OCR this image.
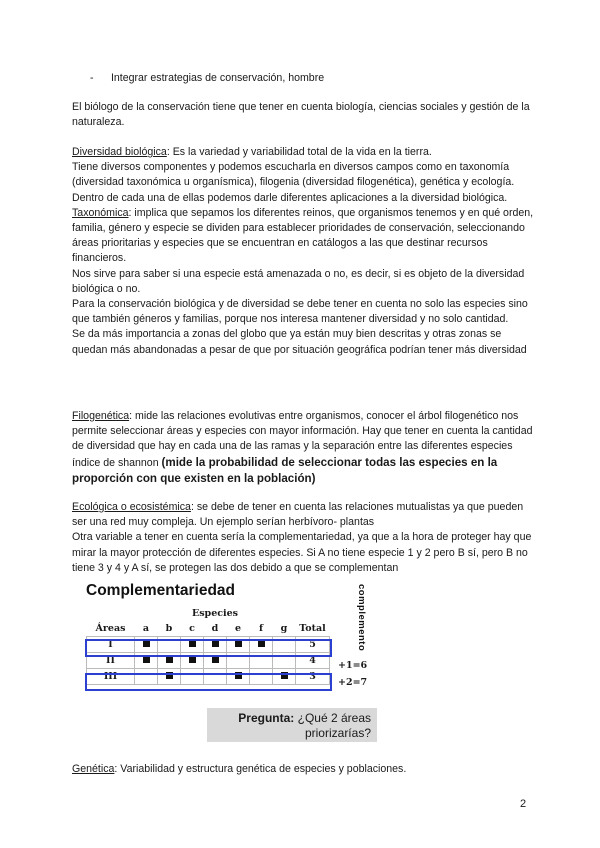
- Integrar estrategias de conservación, hombre
El biólogo de la conservación tiene que tener en cuenta biología, ciencias sociales y gestión de la naturaleza.
Diversidad biológica: Es la variedad y variabilidad total de la vida en la tierra.
Tiene diversos componentes y podemos escucharla en diversos campos como en taxonomía (diversidad taxonómica u organísmica), filogenia (diversidad filogenética), genética y ecología. Dentro de cada una de ellas podemos darle diferentes aplicaciones a la diversidad biológica.
Taxonómica: implica que sepamos los diferentes reinos, que organismos tenemos y en qué orden, familia, género y especie se dividen para establecer prioridades de conservación, seleccionando áreas prioritarias y especies que se encuentran en catálogos a las que destinar recursos financieros.
Nos sirve para saber si una especie está amenazada o no, es decir, si es objeto de la diversidad biológica o no.
Para la conservación biológica y de diversidad se debe tener en cuenta no solo las especies sino que también géneros y familias, porque nos interesa mantener diversidad y no solo cantidad.
Se da más importancia a zonas del globo que ya están muy bien descritas y otras zonas se quedan más abandonadas a pesar de que por situación geográfica podrían tener más diversidad
Filogenética: mide las relaciones evolutivas entre organismos, conocer el árbol filogenético nos permite seleccionar áreas y especies con mayor información. Hay que tener en cuenta la cantidad de diversidad que hay en cada una de las ramas y la separación entre las diferentes especies índice de shannon (mide la probabilidad de seleccionar todas las especies en la proporción con que existen en la población)
Ecológica o ecosistémica: se debe de tener en cuenta las relaciones mutualistas ya que pueden ser una red muy compleja. Un ejemplo serían herbívoro- plantas
Otra variable a tener en cuenta sería la complementariedad, ya que a la hora de proteger hay que mirar la mayor protección de diferentes especies. Si A no tiene especie 1 y 2 pero B sí, pero B no tiene 3 y 4 y A sí, se protegen las dos debido a que se complementan
Complementariedad	complemento
	Especies							
Áreas	a	b	c	d	e	f	g	Total
I								5
II								4
III								3
+1=6
+2=7
Pregunta: ¿Qué 2 áreas priorizarías?
Genética: Variabilidad y estructura genética de especies y poblaciones.
2
